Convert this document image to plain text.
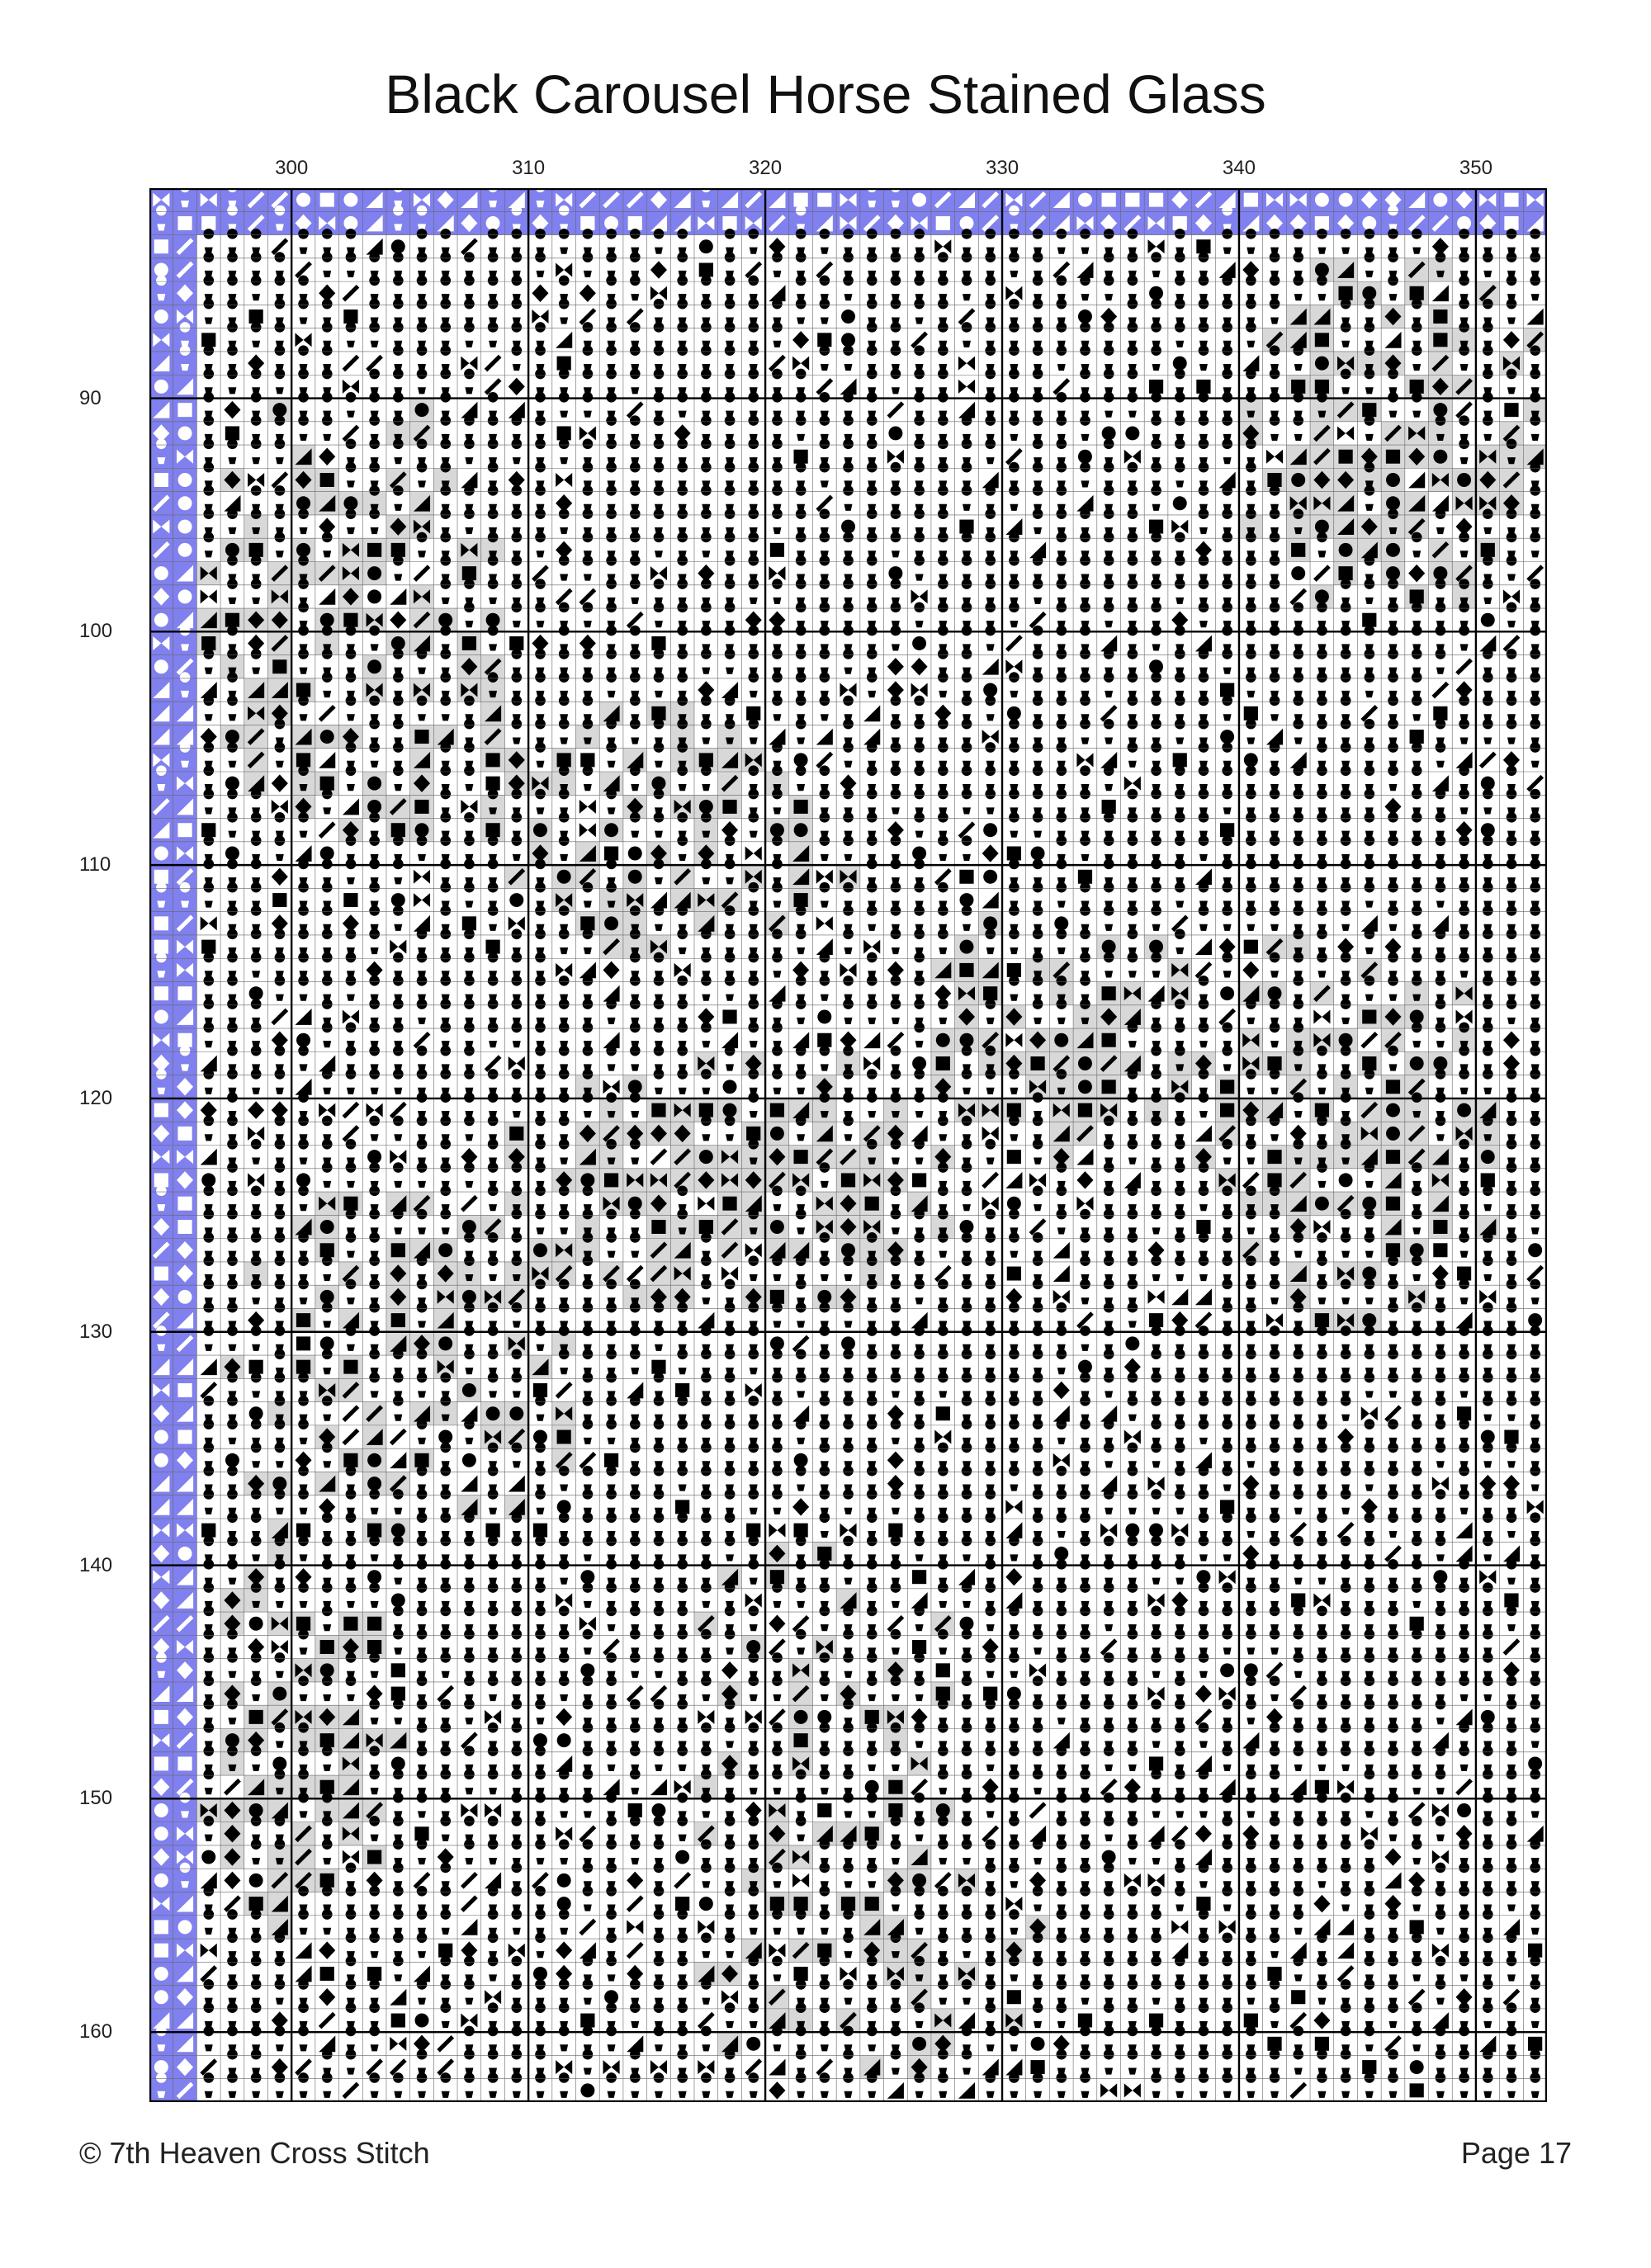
Black Carousel Horse Stained Glass
300	310	320	330	340	350
90
100
110
120
130
140
150
160
© 7th Heaven Cross Stitch	Page 17
